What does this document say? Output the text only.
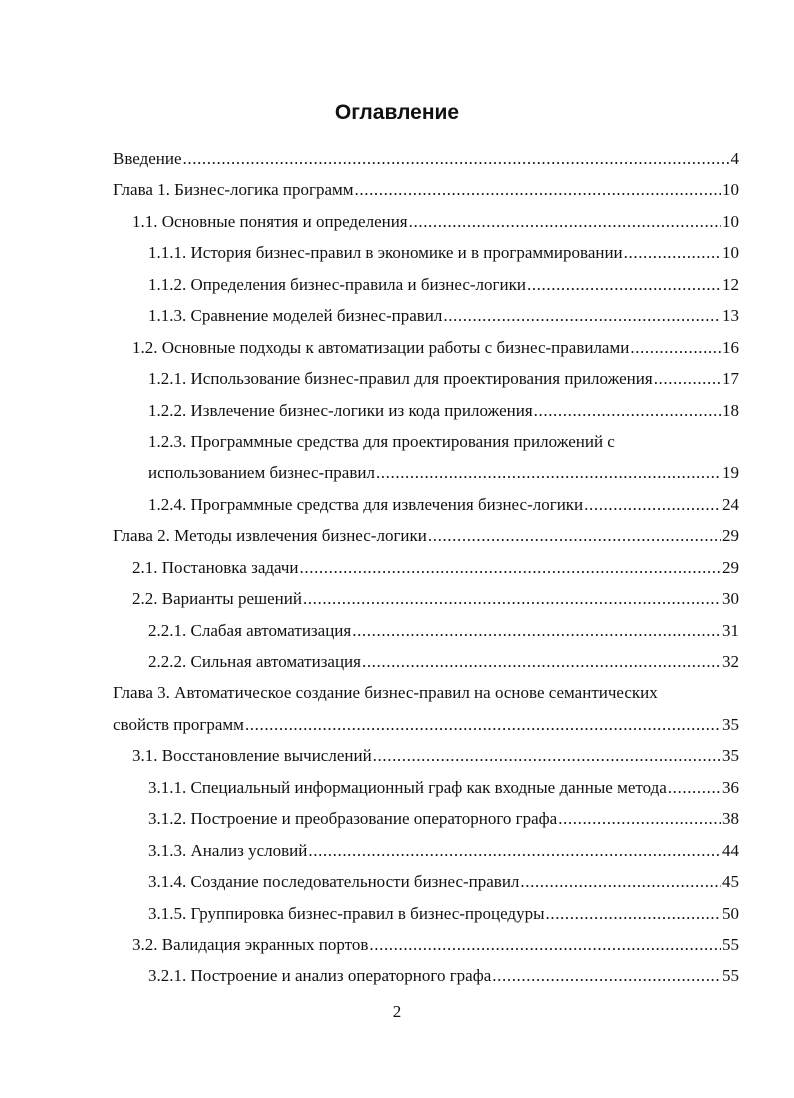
Оглавление
Введение .....	4
Глава 1. Бизнес-логика программ .....	10
1.1. Основные понятия и определения .....	10
1.1.1. История бизнес-правил в экономике и в программировании .....	10
1.1.2. Определения бизнес-правила и бизнес-логики .....	12
1.1.3. Сравнение моделей бизнес-правил .....	13
1.2. Основные подходы к автоматизации работы с бизнес-правилами .....	16
1.2.1. Использование бизнес-правил для проектирования приложения .....	17
1.2.2. Извлечение бизнес-логики из кода приложения .....	18
1.2.3. Программные средства для проектирования приложений с
использованием бизнес-правил .....	19
1.2.4. Программные средства для извлечения бизнес-логики .....	24
Глава 2. Методы извлечения бизнес-логики .....	29
2.1. Постановка задачи .....	29
2.2. Варианты решений .....	30
2.2.1. Слабая автоматизация .....	31
2.2.2. Сильная автоматизация .....	32
Глава 3. Автоматическое создание бизнес-правил на основе семантических
свойств программ .....	35
3.1. Восстановление вычислений .....	35
3.1.1. Специальный информационный граф как входные данные метода .....	36
3.1.2. Построение и преобразование операторного графа .....	38
3.1.3. Анализ условий .....	44
3.1.4. Создание последовательности бизнес-правил .....	45
3.1.5. Группировка бизнес-правил в бизнес-процедуры .....	50
3.2. Валидация экранных портов .....	55
3.2.1. Построение и анализ операторного графа .....	55
2
